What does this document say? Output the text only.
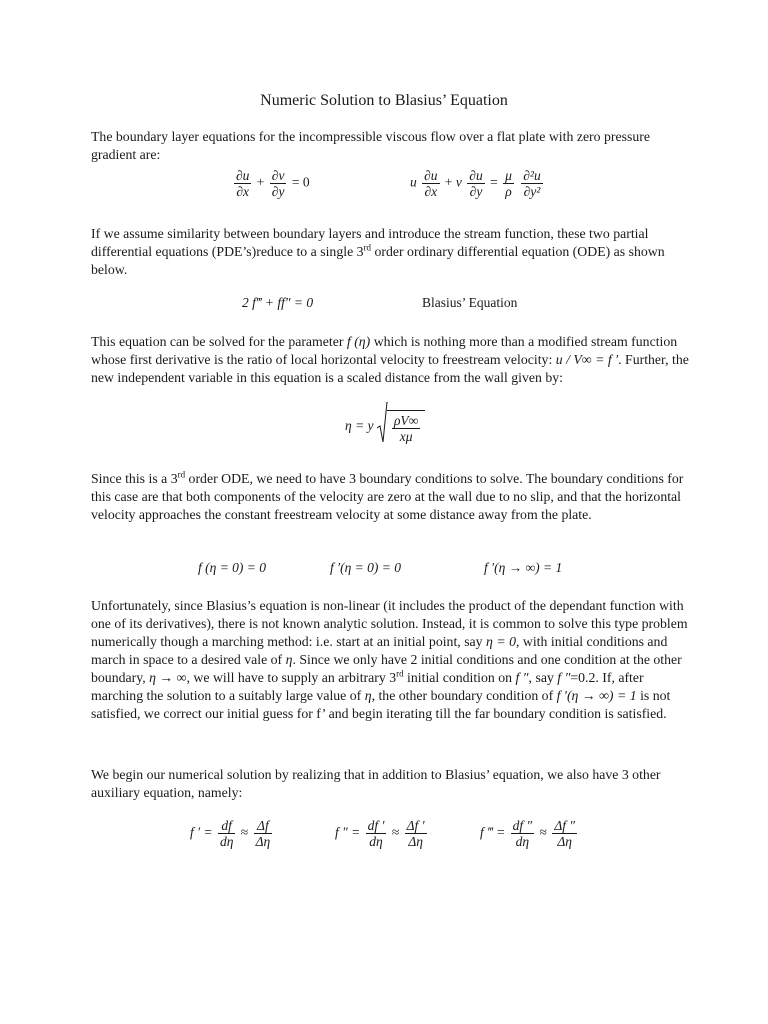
Numeric Solution to Blasius’ Equation
The boundary layer equations for the incompressible viscous flow over a flat plate with zero pressure gradient are:
$\frac{\partial u}{\partial x} + \frac{\partial v}{\partial y} = 0$	u $\frac{\partial u}{\partial x} + v \frac{\partial u}{\partial y} = \frac{\mu}{\rho}$
$\frac{\text{∂²u}}{\text{∂y²}}$
If we assume similarity between boundary layers and introduce the stream function, these two partial differential equations (PDE’s)reduce to a single 3rd order ordinary differential equation (ODE) as shown below.
2 f‴ + ff″ = 0	Blasius’ Equation
This equation can be solved for the parameter f (η) which is nothing more than a modified stream function whose first derivative is the ratio of local horizontal velocity to freestream velocity: u / V∞ = f ′. Further, the new independent variable in this equation is a scaled distance from the wall given by:
η = y $\frac{\rho V\infty}{x\mu}$
Since this is a 3rd order ODE, we need to have 3 boundary conditions to solve. The boundary conditions for this case are that both components of the velocity are zero at the wall due to no slip, and that the horizontal velocity approaches the constant freestream velocity at some distance away from the plate.
f (η = 0) = 0	f ′(η = 0) = 0	f ′(η → ∞) = 1
Unfortunately, since Blasius’s equation is non-linear (it includes the product of the dependant function with one of its derivatives), there is not known analytic solution. Instead, it is common to solve this type problem numerically though a marching method: i.e. start at an initial point, say η = 0, with initial conditions and march in space to a desired vale of η. Since we only have 2 initial conditions and one condition at the other boundary, η → ∞, we will have to supply an arbitrary 3rd initial condition on f ″, say f ″=0.2. If, after marching the solution to a suitably large value of η, the other boundary condition of f ′(η → ∞) = 1 is not satisfied, we correct our initial guess for f’ and begin iterating till the far boundary condition is satisfied.
We begin our numerical solution by realizing that in addition to Blasius’ equation, we also have 3 other auxiliary equation, namely:
f ′ = $\frac{df}{d\eta} \approx \frac{\Delta f}{\Delta\eta}$	f ″ = $\frac{df '}{d\eta} \approx \frac{\Delta f '}{\Delta\eta}$	f ‴ = $\frac{df ''}{d\eta} \approx \frac{\Delta f ''}{\Delta\eta}$
